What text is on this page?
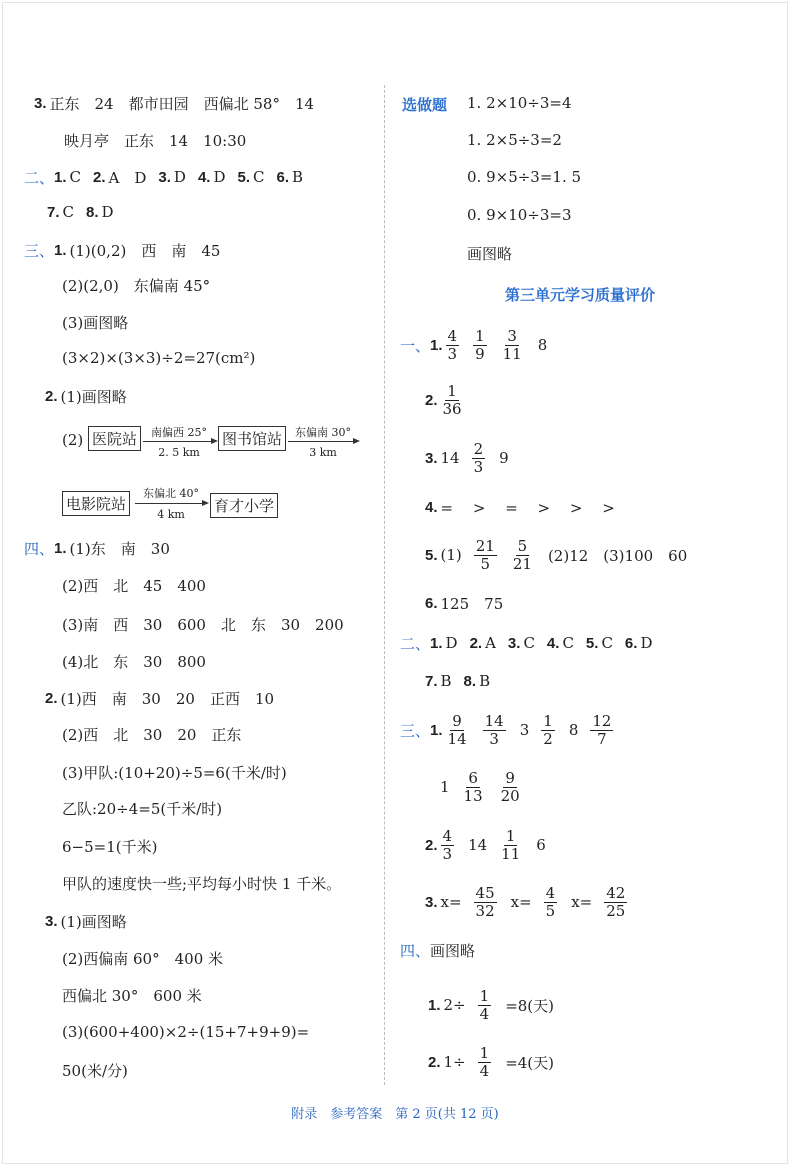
3. 正东　24　都市田园　西偏北 58°　14
映月亭　正东　14　10:30
二、 1. C 2. A　D 3. D 4. D 5. C 6. B
7. C 8. D
三、 1. (1)(0,2)　西　南　45
(2)(2,0)　东偏南 45°
(3)画图略
(3×2)×(3×3)÷2=27(cm²)
2. (1)画图略
(2) 医院站	南偏西 25°
2. 5 km
图书馆站	东偏南 30°
3 km
电影院站
东偏北 40°
4 km	育才小学
四、 1. (1)东　南　30
(2)西　北　45　400
(3)南　西　30　600　北　东　30　200
(4)北　东　30　800
2. (1)西　南　30　20　正西　10
(2)西　北　30　20　正东
(3)甲队:(10+20)÷5=6(千米/时)
乙队:20÷4=5(千米/时)
6−5=1(千米)
甲队的速度快一些;平均每小时快 1 千米。
3. (1)画图略
(2)西偏南 60°　400 米
西偏北 30°　600 米
(3)(600+400)×2÷(15+7+9+9)=
50(米/分)
选做题 1. 2×10÷3=4
1. 2×5÷3=2
0. 9×5÷3=1. 5
0. 9×10÷3=3
画图略
第三单元学习质量评价
一、 1. $\frac{4}{3} \frac{1}{9} \frac{3}{11} 8$
2. $\frac{1}{36}$
3. $14 \frac{2}{3} 9$
4. =　 >　 =　 >　 >　 >
5. $(1) \frac{21}{5} \frac{5}{21} (2)12$　(3)100　60
6. 125　75
二、 1. D 2. A 3. C 4. C 5. C 6. D
7. B 8. B
三、 1. $\frac{9}{14} \frac{14}{3} 3 \frac{1}{2} 8 \frac{12}{7}$
$1 \frac{6}{13} \frac{9}{20}$
2. $\frac{4}{3} 14 \frac{1}{11} 6$
3. $x= \frac{45}{32} x= \frac{4}{5} x= \frac{42}{25}$
四、 画图略
1. $2\div \frac{1}{4} =8$(天)
2. $1\div \frac{1}{4} =4$(天)
附录　参考答案　第 2 页(共 12 页)
